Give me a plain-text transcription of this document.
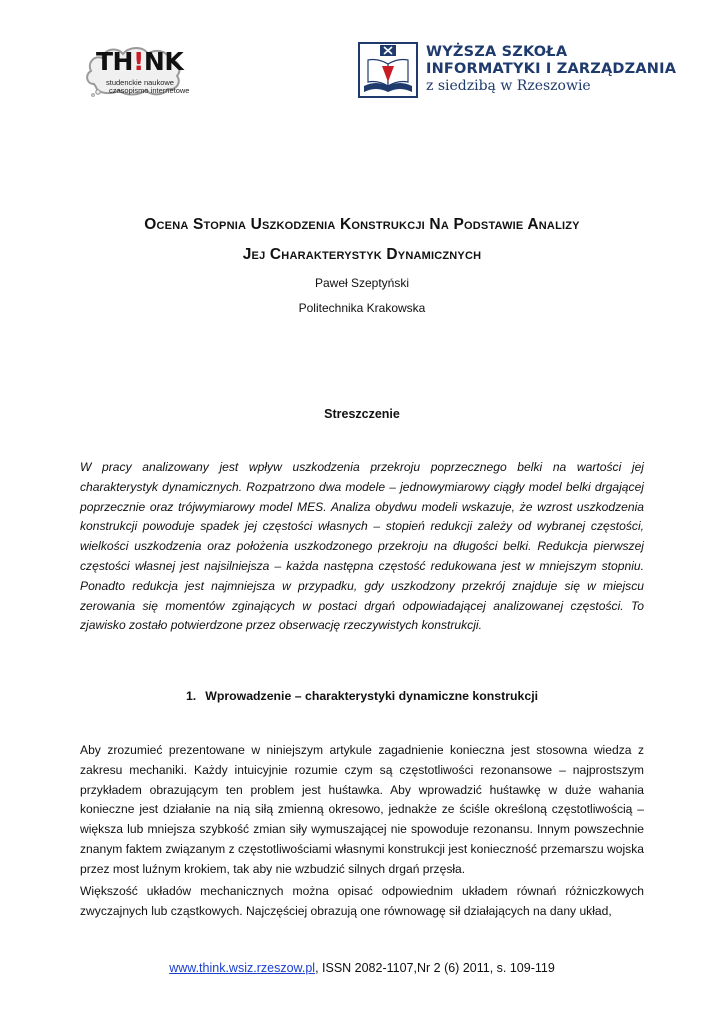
TH!NK
studenckie naukowe
czasopismo internetowe
WYŻSZA SZKOŁA
INFORMATYKI I ZARZĄDZANIA
z siedzibą w Rzeszowie
Ocena Stopnia Uszkodzenia Konstrukcji Na Podstawie Analizy
Jej Charakterystyk Dynamicznych
Paweł Szeptyński
Politechnika Krakowska
Streszczenie
W pracy analizowany jest wpływ uszkodzenia przekroju poprzecznego belki na wartości jej charakterystyk dynamicznych. Rozpatrzono dwa modele – jednowymiarowy ciągły model belki drgającej poprzecznie oraz trójwymiarowy model MES. Analiza obydwu modeli wskazuje, że wzrost uszkodzenia konstrukcji powoduje spadek jej częstości własnych – stopień redukcji zależy od wybranej częstości, wielkości uszkodzenia oraz położenia uszkodzonego przekroju na długości belki. Redukcja pierwszej częstości własnej jest najsilniejsza – każda następna częstość redukowana jest w mniejszym stopniu. Ponadto redukcja jest najmniejsza w przypadku, gdy uszkodzony przekrój znajduje się w miejscu zerowania się momentów zginających w postaci drgań odpowiadającej analizowanej częstości. To zjawisko zostało potwierdzone przez obserwację rzeczywistych konstrukcji.
1. Wprowadzenie – charakterystyki dynamiczne konstrukcji
Aby zrozumieć prezentowane w niniejszym artykule zagadnienie konieczna jest stosowna wiedza z zakresu mechaniki. Każdy intuicyjnie rozumie czym są częstotliwości rezonansowe – najprostszym przykładem obrazującym ten problem jest huśtawka. Aby wprowadzić huśtawkę w duże wahania konieczne jest działanie na nią siłą zmienną okresowo, jednakże ze ściśle określoną częstotliwością – większa lub mniejsza szybkość zmian siły wymuszającej nie spowoduje rezonansu. Innym powszechnie znanym faktem związanym z częstotliwościami własnymi konstrukcji jest konieczność przemarszu wojska przez most luźnym krokiem, tak aby nie wzbudzić silnych drgań przęsła.
Większość układów mechanicznych można opisać odpowiednim układem równań różniczkowych zwyczajnych lub cząstkowych. Najczęściej obrazują one równowagę sił działających na dany układ,
www.think.wsiz.rzeszow.pl, ISSN 2082-1107,Nr 2 (6) 2011, s. 109-119
